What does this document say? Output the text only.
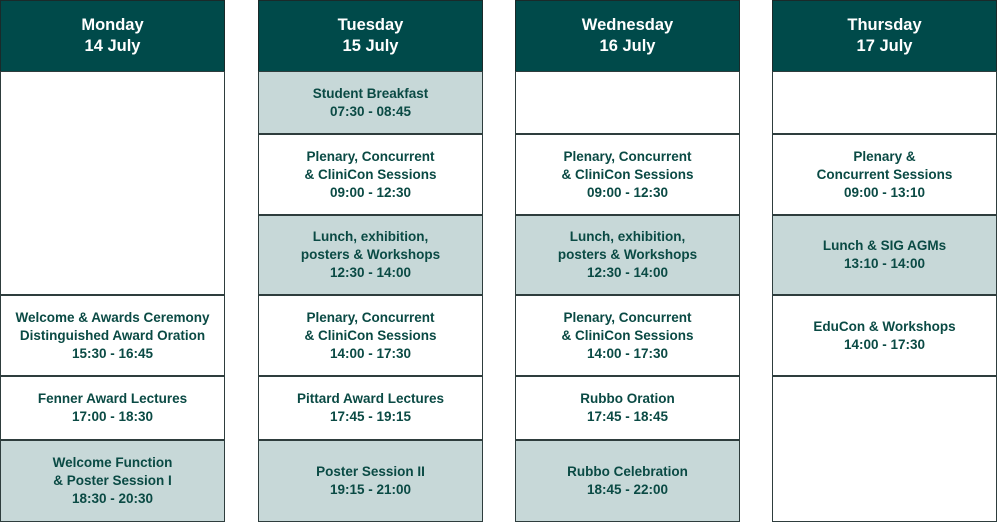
Monday
14 July
Welcome & Awards Ceremony
Distinguished Award Oration
15:30 - 16:45
Fenner Award Lectures
17:00 - 18:30
Welcome Function
& Poster Session I
18:30 - 20:30
Tuesday
15 July
Student Breakfast
07:30 - 08:45
Plenary, Concurrent
& CliniCon Sessions
09:00 - 12:30
Lunch, exhibition,
posters & Workshops
12:30 - 14:00
Plenary, Concurrent
& CliniCon Sessions
14:00 - 17:30
Pittard Award Lectures
17:45 - 19:15
Poster Session II
19:15 - 21:00
Wednesday
16 July
Plenary, Concurrent
& CliniCon Sessions
09:00 - 12:30
Lunch, exhibition,
posters & Workshops
12:30 - 14:00
Plenary, Concurrent
& CliniCon Sessions
14:00 - 17:30
Rubbo Oration
17:45 - 18:45
Rubbo Celebration
18:45 - 22:00
Thursday
17 July
Plenary &
Concurrent Sessions
09:00 - 13:10
Lunch & SIG AGMs
13:10 - 14:00
EduCon & Workshops
14:00 - 17:30
